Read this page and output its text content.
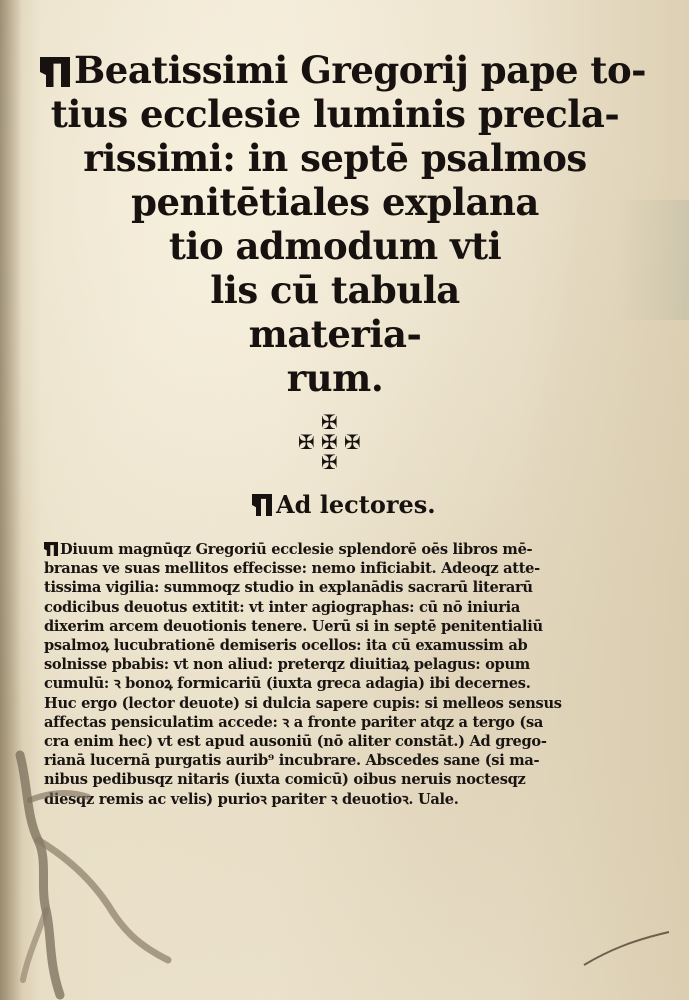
Beatissimi Gregorij pape to-
tius ecclesie luminis precla-
rissimi: in septē psalmos
penitētiales explana
tio admodum vti
lis cū tabula
materia-
rum.
✠
✠ ✠ ✠
✠
Ad lectores.
Diuum magnūqz Gregoriū ecclesie splendorē oēs libros mē-
branas ve suas mellitos effecisse: nemo inficiabit. Adeoqz atte-
tissima vigilia: summoqz studio in explanādis sacrarū literarū
codicibus deuotus extitit: vt inter agiographas: cū nō iniuria
dixerim arcem deuotionis tenere. Uerū si in septē penitentialiū
psalmoꝝ lucubrationē demiseris ocellos: ita cū examussim ab
solnisse pbabis: vt non aliud: preterqz diuitiaꝝ pelagus: opum
cumulū: ꝛ bonoꝝ formicariū (iuxta greca adagia) ibi decernes.
Huc ergo (lector deuote) si dulcia sapere cupis: si melleos sensus
affectas pensiculatim accede: ꝛ a fronte pariter atqz a tergo (sa
cra enim hec) vt est apud ausoniū (nō aliter constāt.) Ad grego-
rianā lucernā purgatis aurib⁹ incubrare. Abscedes sane (si ma-
nibus pedibusqz nitaris (iuxta comicū) oibus neruis noctesqz
diesqz remis ac velis) purioꝛ pariter ꝛ deuotioꝛ. Uale.
